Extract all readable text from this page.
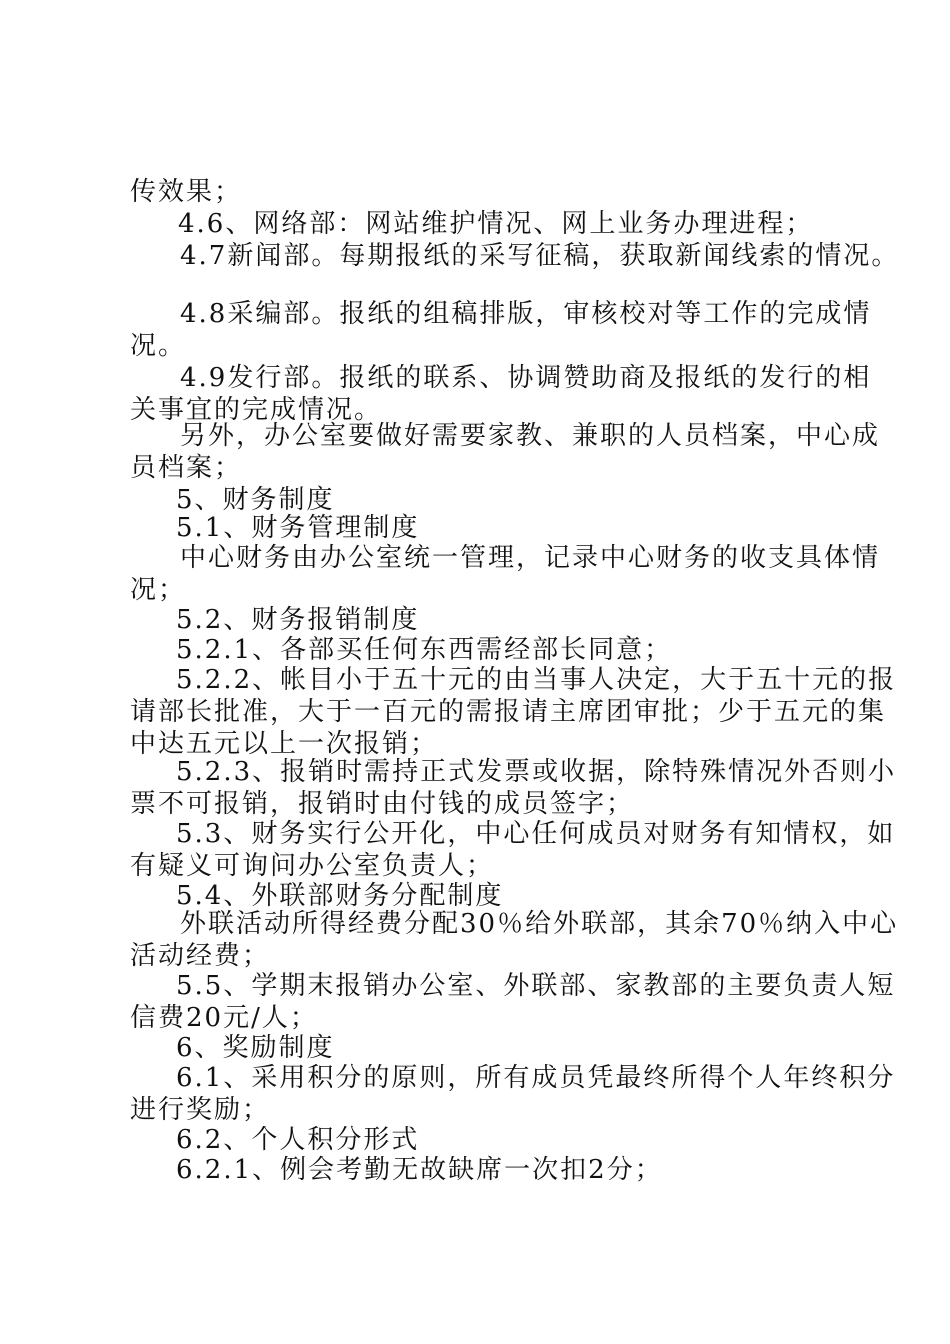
传效果；
4.6、网络部：网站维护情况、网上业务办理进程；
4.7新闻部。每期报纸的采写征稿，获取新闻线索的情况。
4.8采编部。报纸的组稿排版，审核校对等工作的完成情
况。
4.9发行部。报纸的联系、协调赞助商及报纸的发行的相
关事宜的完成情况。
另外，办公室要做好需要家教、兼职的人员档案，中心成
员档案；
5、财务制度
5.1、财务管理制度
中心财务由办公室统一管理，记录中心财务的收支具体情
况；
5.2、财务报销制度
5.2.1、各部买任何东西需经部长同意；
5.2.2、帐目小于五十元的由当事人决定，大于五十元的报
请部长批准，大于一百元的需报请主席团审批；少于五元的集
中达五元以上一次报销；
5.2.3、报销时需持正式发票或收据，除特殊情况外否则小
票不可报销，报销时由付钱的成员签字；
5.3、财务实行公开化，中心任何成员对财务有知情权，如
有疑义可询问办公室负责人；
5.4、外联部财务分配制度
外联活动所得经费分配30％给外联部，其余70％纳入中心
活动经费；
5.5、学期末报销办公室、外联部、家教部的主要负责人短
信费20元/人；
6、奖励制度
6.1、采用积分的原则，所有成员凭最终所得个人年终积分
进行奖励；
6.2、个人积分形式
6.2.1、例会考勤无故缺席一次扣2分；
